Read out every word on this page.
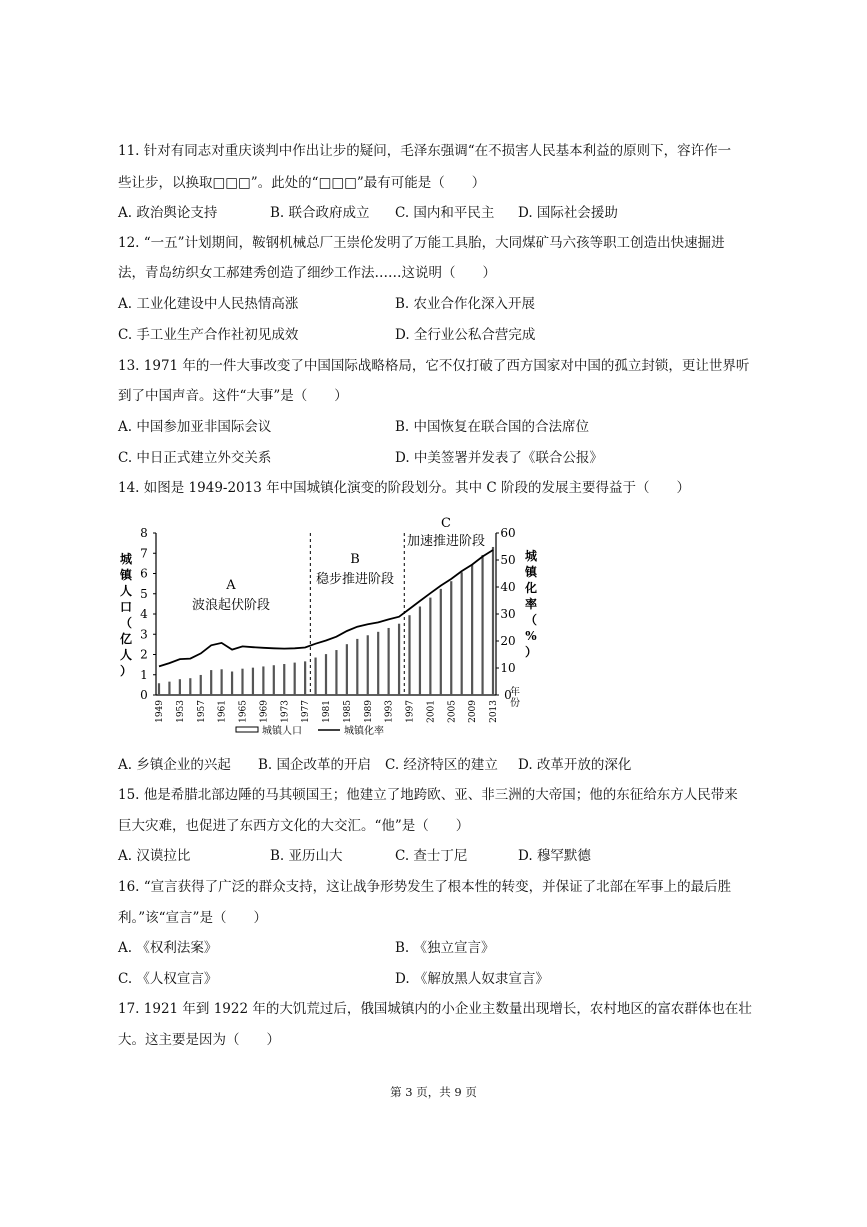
11. 针对有同志对重庆谈判中作出让步的疑问，毛泽东强调“在不损害人民基本利益的原则下，容许作一
些让步，以换取□□□”。此处的“□□□”最有可能是（　　）
A. 政治舆论支持	B. 联合政府成立 C. 国内和平民主 D. 国际社会援助
12. “一五”计划期间，鞍钢机械总厂王崇伦发明了万能工具胎，大同煤矿马六孩等职工创造出快速掘进
法，青岛纺织女工郝建秀创造了细纱工作法……这说明（　　）
A. 工业化建设中人民热情高涨	B. 农业合作化深入开展
C. 手工业生产合作社初见成效	D. 全行业公私合营完成
13. 1971 年的一件大事改变了中国国际战略格局，它不仅打破了西方国家对中国的孤立封锁，更让世界听
到了中国声音。这件“大事”是（　　）
A. 中国参加亚非国际会议	B. 中国恢复在联合国的合法席位
C. 中日正式建立外交关系	D. 中美签署并发表了《联合公报》
14. 如图是 1949-2013 年中国城镇化演变的阶段划分。其中 C 阶段的发展主要得益于（　　）
0
1
2
3
4
5
6
7
8
0
10
20
30
40
50
60
城
镇
人
口
（
亿
人
）
城
镇
化
率
（
%
）
1949 1953 1957 1961 1965 1969 1973 1977 1981 1985 1989 1993 1997 2001 2005 2009 2013
年
份
A
波浪起伏阶段
B
稳步推进阶段
C
加速推进阶段
城镇人口	城镇化率
A. 乡镇企业的兴起 B. 国企改革的开启 C. 经济特区的建立 D. 改革开放的深化
15. 他是希腊北部边陲的马其顿国王；他建立了地跨欧、亚、非三洲的大帝国；他的东征给东方人民带来
巨大灾难，也促进了东西方文化的大交汇。“他”是（　　）
A. 汉谟拉比	B. 亚历山大	C. 查士丁尼	D. 穆罕默德
16. “宣言获得了广泛的群众支持，这让战争形势发生了根本性的转变，并保证了北部在军事上的最后胜
利。”该“宣言”是（　　）
A. 《权利法案》	B. 《独立宣言》
C. 《人权宣言》	D. 《解放黑人奴隶宣言》
17. 1921 年到 1922 年的大饥荒过后，俄国城镇内的小企业主数量出现增长，农村地区的富农群体也在壮
大。这主要是因为（　　）
第 3 页，共 9 页
